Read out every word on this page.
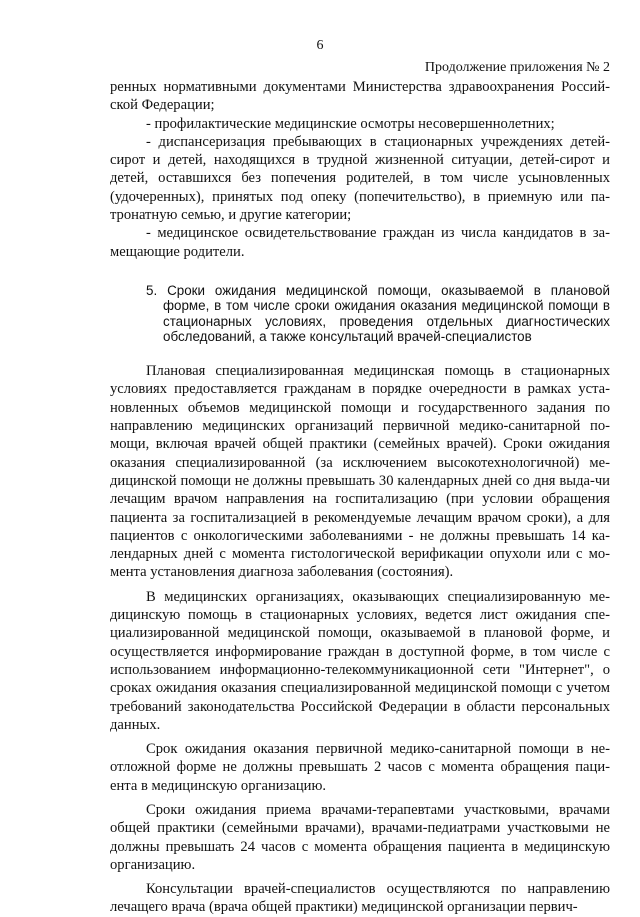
6
Продолжение приложения № 2

ренных нормативными документами Министерства здравоохранения Россий-ской Федерации;

- профилактические медицинские осмотры несовершеннолетних;

- диспансеризация пребывающих в стационарных учреждениях детей-сирот и детей, находящихся в трудной жизненной ситуации, детей-сирот и детей, оставшихся без попечения родителей, в том числе усыновленных (удочеренных), принятых под опеку (попечительство), в приемную или па-тронатную семью, и другие категории;

- медицинское освидетельствование граждан из числа кандидатов в за-мещающие родители.

5. Сроки ожидания медицинской помощи, оказываемой в плановой форме, в том числе сроки ожидания оказания медицинской помощи в стационарных условиях, проведения отдельных диагностических обследований, а также консультаций врачей-специалистов

Плановая специализированная медицинская помощь в стационарных условиях предоставляется гражданам в порядке очередности в рамках уста-новленных объемов медицинской помощи и государственного задания по направлению медицинских организаций первичной медико-санитарной по-мощи, включая врачей общей практики (семейных врачей). Сроки ожидания оказания специализированной (за исключением высокотехнологичной) ме-дицинской помощи не должны превышать 30 календарных дней со дня выда-чи лечащим врачом направления на госпитализацию (при условии обращения пациента за госпитализацией в рекомендуемые лечащим врачом сроки), а для пациентов с онкологическими заболеваниями - не должны превышать 14 ка-лендарных дней с момента гистологической верификации опухоли или с мо-мента установления диагноза заболевания (состояния).

В медицинских организациях, оказывающих специализированную ме-дицинскую помощь в стационарных условиях, ведется лист ожидания спе-циализированной медицинской помощи, оказываемой в плановой форме, и осуществляется информирование граждан в доступной форме, в том числе с использованием информационно-телекоммуникационной сети "Интернет", о сроках ожидания оказания специализированной медицинской помощи с учетом требований законодательства Российской Федерации в области персональных данных.

Срок ожидания оказания первичной медико-санитарной помощи в не-отложной форме не должны превышать 2 часов с момента обращения паци-ента в медицинскую организацию.

Сроки ожидания приема врачами-терапевтами участковыми, врачами общей практики (семейными врачами), врачами-педиатрами участковыми не должны превышать 24 часов с момента обращения пациента в медицинскую организацию.

Консультации врачей-специалистов осуществляются по направлению лечащего врача (врача общей практики) медицинской организации первич-
